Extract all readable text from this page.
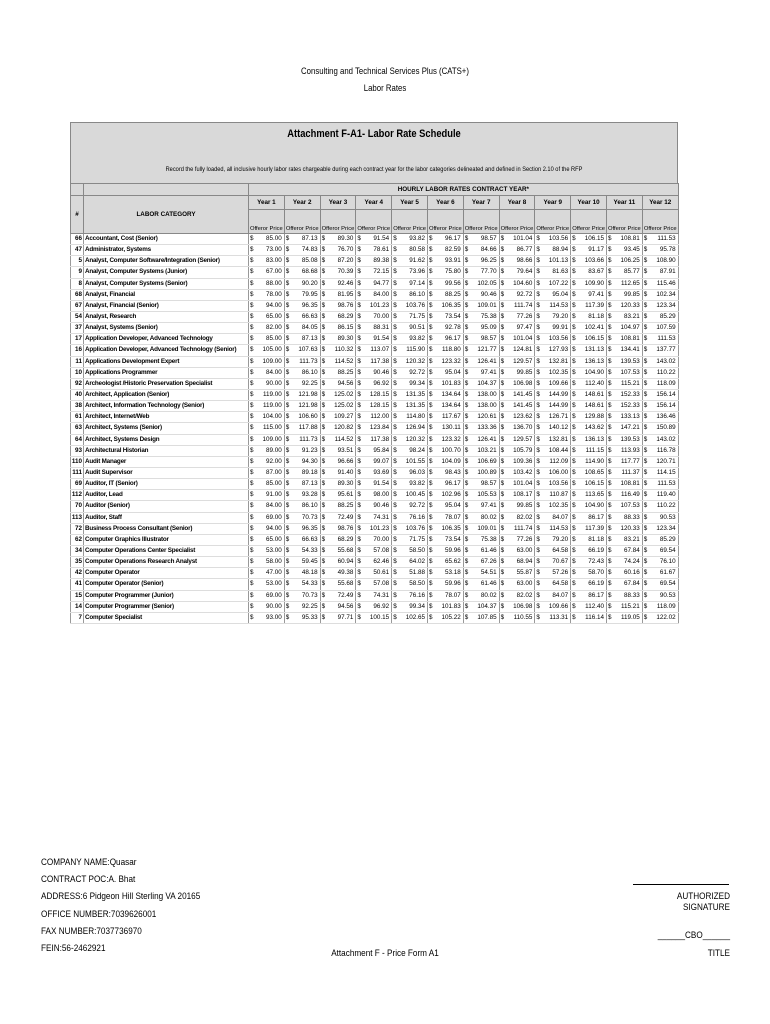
Consulting and Technical Services Plus (CATS+)
Labor Rates
Attachment F-A1- Labor Rate Schedule
Record the fully loaded, all inclusive hourly labor rates chargeable during each contract year for the labor categories delineated and defined in Section 2.10 of the RFP
		HOURLY LABOR RATES CONTRACT YEAR*											
#	LABOR CATEGORY	Year 1	Year 2	Year 3	Year 4	Year 5	Year 6	Year 7	Year 8	Year 9	Year 10	Year 11	Year 12
		Offeror Price	Offeror Price	Offeror Price	Offeror Price	Offeror Price	Offeror Price	Offeror Price	Offeror Price	Offeror Price	Offeror Price	Offeror Price	Offeror Price
66	Accountant, Cost (Senior)	$ 85.00	$ 87.13	$ 89.30	$ 91.54	$ 93.82	$ 96.17	$ 98.57	$ 101.04	$ 103.56	$ 106.15	$ 108.81	$ 111.53

47	Administrator, Systems	$ 73.00	$ 74.83	$ 76.70	$ 78.61	$ 80.58	$ 82.59	$ 84.66	$ 86.77	$ 88.94	$ 91.17	$ 93.45	$ 95.78

5	Analyst, Computer Software/Integration (Senior)	$ 83.00	$ 85.08	$ 87.20	$ 89.38	$ 91.62	$ 93.91	$ 96.25	$ 98.66	$ 101.13	$ 103.66	$ 106.25	$ 108.90

9	Analyst, Computer Systems (Junior)	$ 67.00	$ 68.68	$ 70.39	$ 72.15	$ 73.96	$ 75.80	$ 77.70	$ 79.64	$ 81.63	$ 83.67	$ 85.77	$ 87.91

8	Analyst, Computer Systems (Senior)	$ 88.00	$ 90.20	$ 92.46	$ 94.77	$ 97.14	$ 99.56	$ 102.05	$ 104.60	$ 107.22	$ 109.90	$ 112.65	$ 115.46

68	Analyst, Financial	$ 78.00	$ 79.95	$ 81.95	$ 84.00	$ 86.10	$ 88.25	$ 90.46	$ 92.72	$ 95.04	$ 97.41	$ 99.85	$ 102.34

67	Analyst, Financial (Senior)	$ 94.00	$ 96.35	$ 98.76	$ 101.23	$ 103.76	$ 106.35	$ 109.01	$ 111.74	$ 114.53	$ 117.39	$ 120.33	$ 123.34

54	Analyst, Research	$ 65.00	$ 66.63	$ 68.29	$ 70.00	$ 71.75	$ 73.54	$ 75.38	$ 77.26	$ 79.20	$ 81.18	$ 83.21	$ 85.29

37	Analyst, Systems (Senior)	$ 82.00	$ 84.05	$ 86.15	$ 88.31	$ 90.51	$ 92.78	$ 95.09	$ 97.47	$ 99.91	$ 102.41	$ 104.97	$ 107.59

17	Application Developer, Advanced Technology	$ 85.00	$ 87.13	$ 89.30	$ 91.54	$ 93.82	$ 96.17	$ 98.57	$ 101.04	$ 103.56	$ 106.15	$ 108.81	$ 111.53

16	Application Developer, Advanced Technology (Senior)	$ 105.00	$ 107.63	$ 110.32	$ 113.07	$ 115.90	$ 118.80	$ 121.77	$ 124.81	$ 127.93	$ 131.13	$ 134.41	$ 137.77

11	Applications Development Expert	$ 109.00	$ 111.73	$ 114.52	$ 117.38	$ 120.32	$ 123.32	$ 126.41	$ 129.57	$ 132.81	$ 136.13	$ 139.53	$ 143.02

10	Applications Programmer	$ 84.00	$ 86.10	$ 88.25	$ 90.46	$ 92.72	$ 95.04	$ 97.41	$ 99.85	$ 102.35	$ 104.90	$ 107.53	$ 110.22

92	Archeologist /Historic Preservation Specialist	$ 90.00	$ 92.25	$ 94.56	$ 96.92	$ 99.34	$ 101.83	$ 104.37	$ 106.98	$ 109.66	$ 112.40	$ 115.21	$ 118.09

40	Architect, Application (Senior)	$ 119.00	$ 121.98	$ 125.02	$ 128.15	$ 131.35	$ 134.64	$ 138.00	$ 141.45	$ 144.99	$ 148.61	$ 152.33	$ 156.14

38	Architect, Information Technology (Senior)	$ 119.00	$ 121.98	$ 125.02	$ 128.15	$ 131.35	$ 134.64	$ 138.00	$ 141.45	$ 144.99	$ 148.61	$ 152.33	$ 156.14

61	Architect, Internet/Web	$ 104.00	$ 106.60	$ 109.27	$ 112.00	$ 114.80	$ 117.67	$ 120.61	$ 123.62	$ 126.71	$ 129.88	$ 133.13	$ 136.46

63	Architect, Systems (Senior)	$ 115.00	$ 117.88	$ 120.82	$ 123.84	$ 126.94	$ 130.11	$ 133.36	$ 136.70	$ 140.12	$ 143.62	$ 147.21	$ 150.89

64	Architect, Systems Design	$ 109.00	$ 111.73	$ 114.52	$ 117.38	$ 120.32	$ 123.32	$ 126.41	$ 129.57	$ 132.81	$ 136.13	$ 139.53	$ 143.02

93	Architectural Historian	$ 89.00	$ 91.23	$ 93.51	$ 95.84	$ 98.24	$ 100.70	$ 103.21	$ 105.79	$ 108.44	$ 111.15	$ 113.93	$ 116.78

110	Audit Manager	$ 92.00	$ 94.30	$ 96.66	$ 99.07	$ 101.55	$ 104.09	$ 106.69	$ 109.36	$ 112.09	$ 114.90	$ 117.77	$ 120.71

111	Audit Supervisor	$ 87.00	$ 89.18	$ 91.40	$ 93.69	$ 96.03	$ 98.43	$ 100.89	$ 103.42	$ 106.00	$ 108.65	$ 111.37	$ 114.15

69	Auditor, IT (Senior)	$ 85.00	$ 87.13	$ 89.30	$ 91.54	$ 93.82	$ 96.17	$ 98.57	$ 101.04	$ 103.56	$ 106.15	$ 108.81	$ 111.53

112	Auditor, Lead	$ 91.00	$ 93.28	$ 95.61	$ 98.00	$ 100.45	$ 102.96	$ 105.53	$ 108.17	$ 110.87	$ 113.65	$ 116.49	$ 119.40

70	Auditor (Senior)	$ 84.00	$ 86.10	$ 88.25	$ 90.46	$ 92.72	$ 95.04	$ 97.41	$ 99.85	$ 102.35	$ 104.90	$ 107.53	$ 110.22

113	Auditor, Staff	$ 69.00	$ 70.73	$ 72.49	$ 74.31	$ 76.16	$ 78.07	$ 80.02	$ 82.02	$ 84.07	$ 86.17	$ 88.33	$ 90.53

72	Business Process Consultant (Senior)	$ 94.00	$ 96.35	$ 98.76	$ 101.23	$ 103.76	$ 106.35	$ 109.01	$ 111.74	$ 114.53	$ 117.39	$ 120.33	$ 123.34

62	Computer Graphics Illustrator	$ 65.00	$ 66.63	$ 68.29	$ 70.00	$ 71.75	$ 73.54	$ 75.38	$ 77.26	$ 79.20	$ 81.18	$ 83.21	$ 85.29

34	Computer Operations Center Specialist	$ 53.00	$ 54.33	$ 55.68	$ 57.08	$ 58.50	$ 59.96	$ 61.46	$ 63.00	$ 64.58	$ 66.19	$ 67.84	$ 69.54

35	Computer Operations Research Analyst	$ 58.00	$ 59.45	$ 60.94	$ 62.46	$ 64.02	$ 65.62	$ 67.26	$ 68.94	$ 70.67	$ 72.43	$ 74.24	$ 76.10

42	Computer Operator	$ 47.00	$ 48.18	$ 49.38	$ 50.61	$ 51.88	$ 53.18	$ 54.51	$ 55.87	$ 57.26	$ 58.70	$ 60.16	$ 61.67

41	Computer Operator (Senior)	$ 53.00	$ 54.33	$ 55.68	$ 57.08	$ 58.50	$ 59.96	$ 61.46	$ 63.00	$ 64.58	$ 66.19	$ 67.84	$ 69.54

15	Computer Programmer (Junior)	$ 69.00	$ 70.73	$ 72.49	$ 74.31	$ 76.16	$ 78.07	$ 80.02	$ 82.02	$ 84.07	$ 86.17	$ 88.33	$ 90.53

14	Computer Programmer (Senior)	$ 90.00	$ 92.25	$ 94.56	$ 96.92	$ 99.34	$ 101.83	$ 104.37	$ 106.98	$ 109.66	$ 112.40	$ 115.21	$ 118.09

7	Computer Specialist	$ 93.00	$ 95.33	$ 97.71	$ 100.15	$ 102.65	$ 105.22	$ 107.85	$ 110.55	$ 113.31	$ 116.14	$ 119.05	$ 122.02
COMPANY NAME:Quasar
CONTRACT POC:A. Bhat
ADDRESS:6 Pidgeon Hill Sterling VA 20165
OFFICE NUMBER:7039626001
FAX NUMBER:7037736970
FEIN:56-2462921
AUTHORIZED SIGNATURE
______CBO______
TITLE
Attachment F - Price Form A1
